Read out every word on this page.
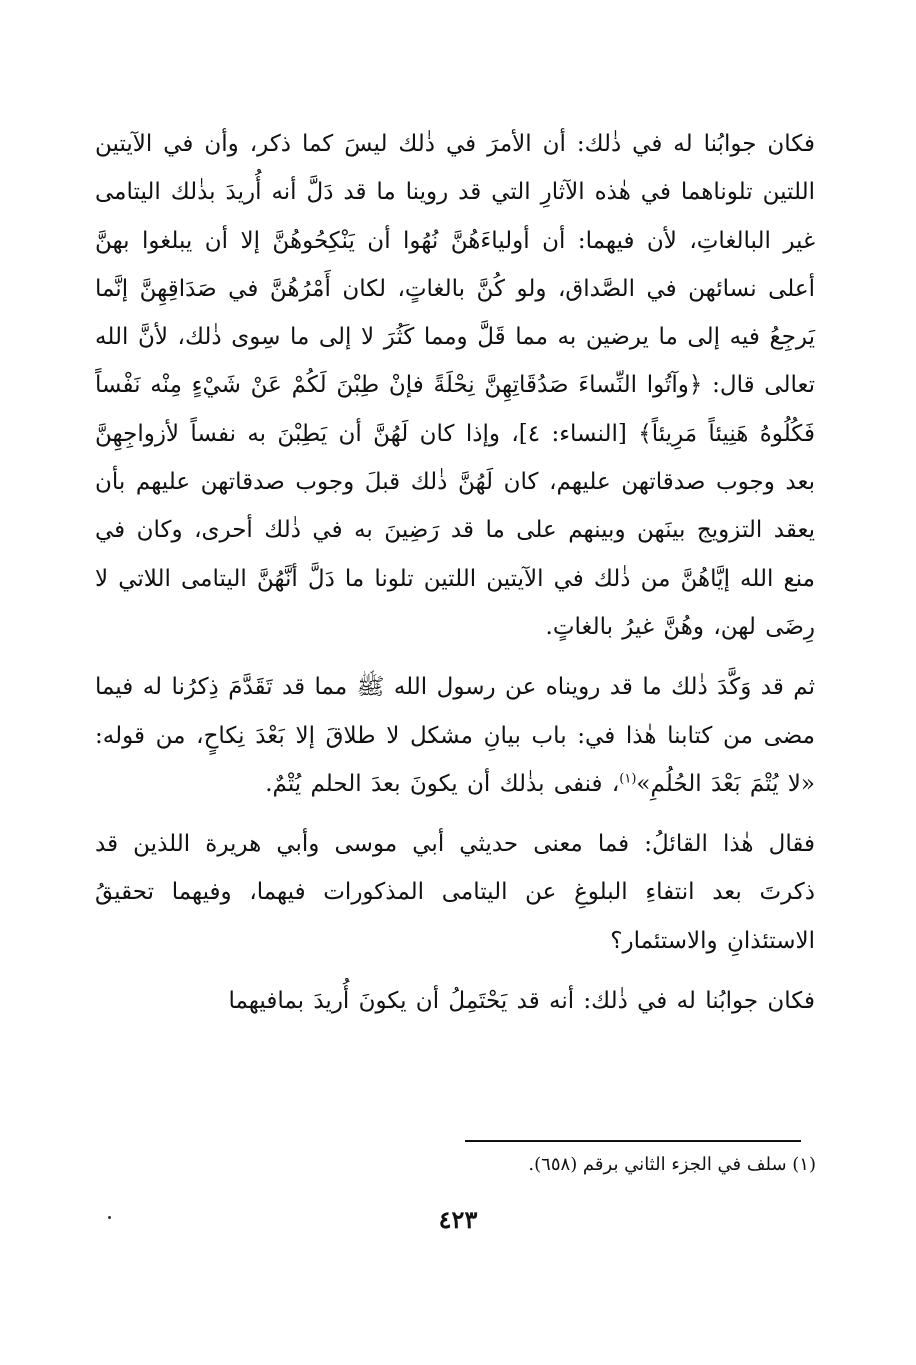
فكان جوابُنا له في ذٰلك: أن الأمرَ في ذٰلك ليسَ كما ذكر، وأن في الآيتين اللتين تلوناهما في هٰذه الآثارِ التي قد روينا ما قد دَلَّ أنه أُريدَ بذٰلك اليتامى غير البالغاتِ، لأن فيهما: أن أولياءَهُنَّ نُهُوا أن يَنْكِحُوهُنَّ إلا أن يبلغوا بهنَّ أعلى نسائهن في الصَّداق، ولو كُنَّ بالغاتٍ، لكان أَمْرُهُنَّ في صَدَاقِهِنَّ إنَّما يَرجِعُ فيه إلى ما يرضين به مما قَلَّ ومما كَثُرَ لا إلى ما سِوى ذٰلك، لأنَّ الله تعالى قال: ﴿وآتُوا النِّساءَ صَدُقَاتِهِنَّ نِحْلَةً فإنْ طِبْنَ لَكُمْ عَنْ شَيْءٍ مِنْه نَفْساً فَكُلُوهُ هَنِيئاً مَرِيئاً﴾ [النساء: ٤]، وإذا كان لَهُنَّ أن يَطِبْنَ به نفساً لأزواجِهِنَّ بعد وجوب صدقاتهن عليهم، كان لَهُنَّ ذٰلك قبلَ وجوب صدقاتهن عليهم بأن يعقد التزويج بينَهن وبينهم على ما قد رَضِينَ به في ذٰلك أحرى، وكان في منع الله إيَّاهُنَّ من ذٰلك في الآيتين اللتين تلونا ما دَلَّ أنَّهُنَّ اليتامى اللاتي لا رِضَى لهن، وهُنَّ غيرُ بالغاتٍ.

ثم قد وَكَّدَ ذٰلك ما قد رويناه عن رسول الله ﷺ مما قد تَقَدَّمَ ذِكرُنا له فيما مضى من كتابنا هٰذا في: باب بيانِ مشكل لا طلاقَ إلا بَعْدَ نِكاحٍ، من قوله: «لا يُتْمَ بَعْدَ الحُلُمِ»$^{(١)}$، فنفى بذٰلك أن يكونَ بعدَ الحلم يُتْمٌ.

فقال هٰذا القائلُ: فما معنى حديثي أبي موسى وأبي هريرة اللذين قد ذكرتَ بعد انتفاءِ البلوغِ عن اليتامى المذكورات فيهما، وفيهما تحقيقُ الاستئذانِ والاستئمار؟

فكان جوابُنا له في ذٰلك: أنه قد يَحْتَمِلُ أن يكونَ أُريدَ بمافيهما

(١) سلف في الجزء الثاني برقم (٦٥٨).
٤٢٣
